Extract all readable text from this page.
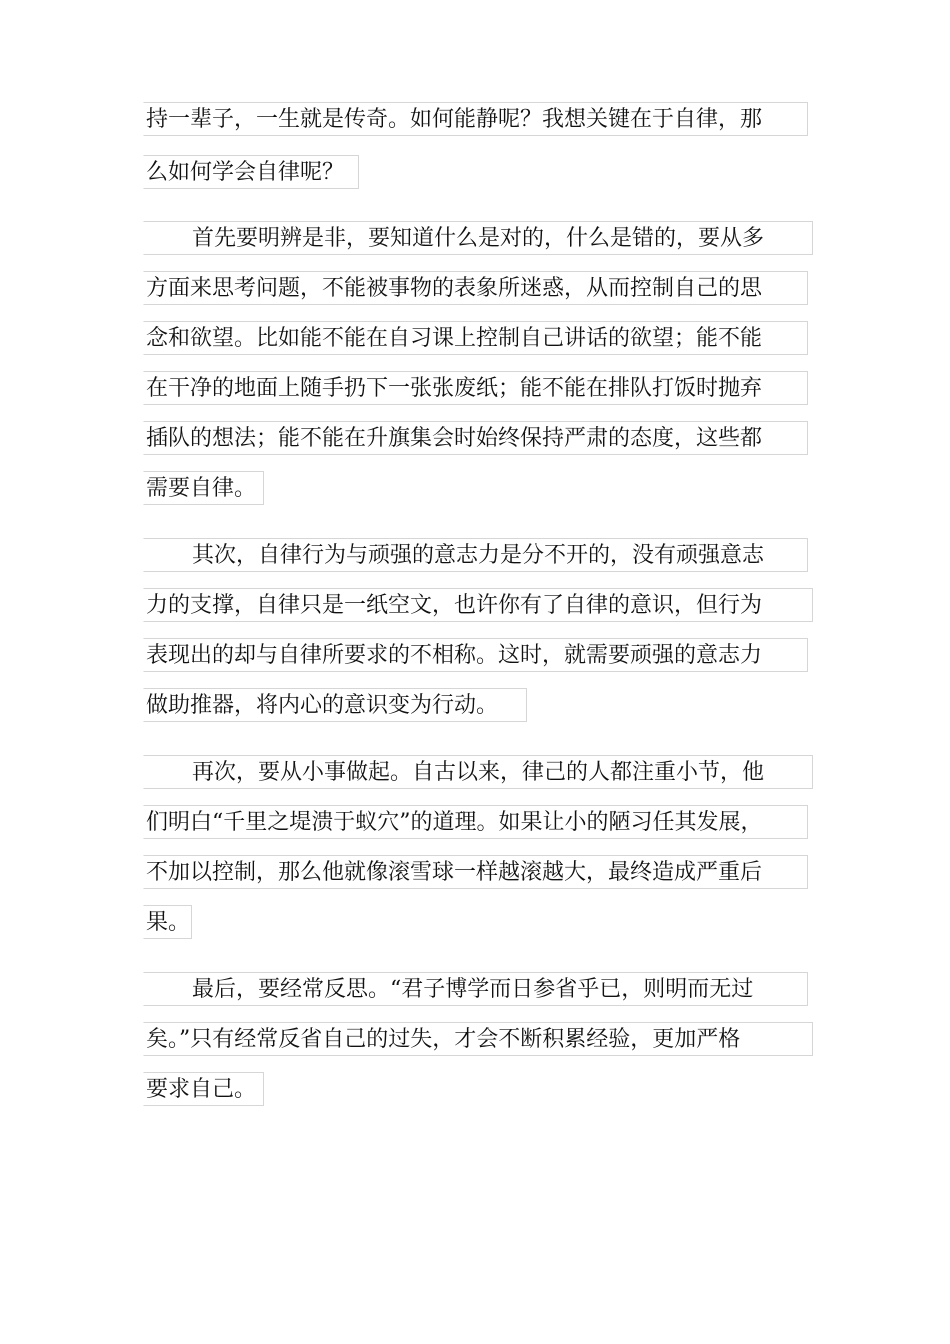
持一辈子，一生就是传奇。如何能静呢？我想关键在于自律，那
么如何学会自律呢？
首先要明辨是非，要知道什么是对的，什么是错的，要从多
方面来思考问题，不能被事物的表象所迷惑，从而控制自己的思
念和欲望。比如能不能在自习课上控制自己讲话的欲望；能不能
在干净的地面上随手扔下一张张废纸；能不能在排队打饭时抛弃
插队的想法；能不能在升旗集会时始终保持严肃的态度，这些都
需要自律。
其次，自律行为与顽强的意志力是分不开的，没有顽强意志
力的支撑，自律只是一纸空文，也许你有了自律的意识，但行为
表现出的却与自律所要求的不相称。这时，就需要顽强的意志力
做助推器，将内心的意识变为行动。
再次，要从小事做起。自古以来，律己的人都注重小节，他
们明白“千里之堤溃于蚁穴”的道理。如果让小的陋习任其发展，
不加以控制，那么他就像滚雪球一样越滚越大，最终造成严重后
果。
最后，要经常反思。“君子博学而日参省乎已，则明而无过
矣。”只有经常反省自己的过失，才会不断积累经验，更加严格
要求自己。
